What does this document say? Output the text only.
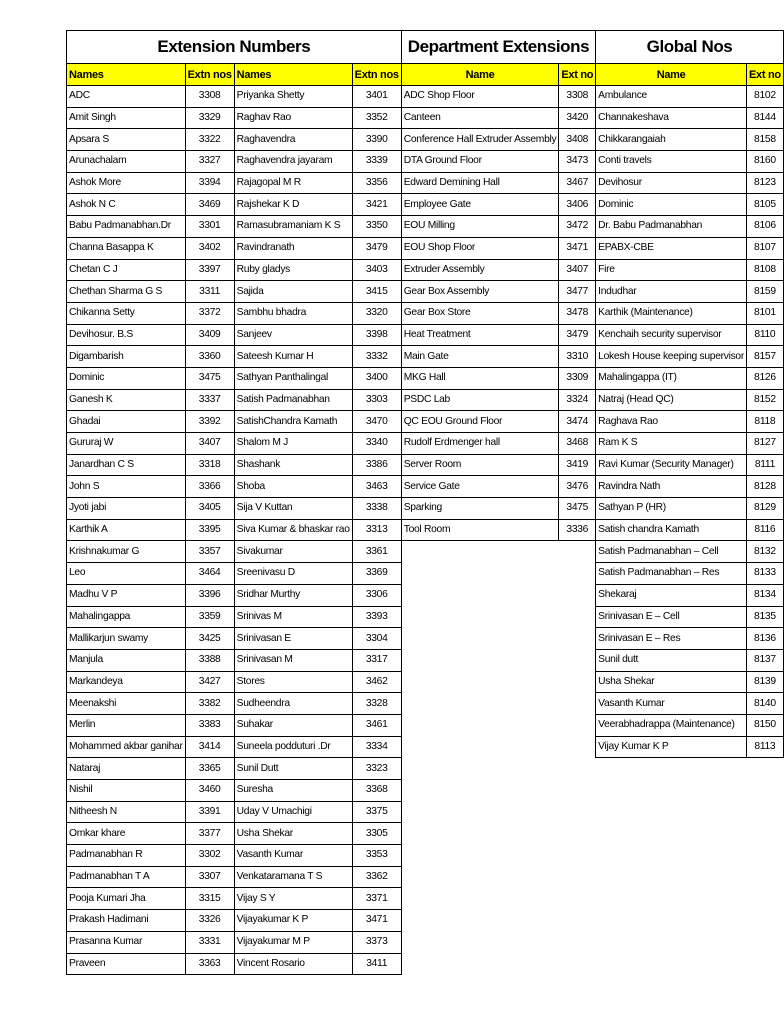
Extension Numbers				Department Extensions		Global Nos	
Names	Extn nos	Names	Extn nos	Name	Ext no	Name	Ext no
ADC	3308	Priyanka Shetty	3401	ADC Shop Floor	3308	Ambulance	8102
Amit Singh	3329	Raghav Rao	3352	Canteen	3420	Channakeshava	8144
Apsara S	3322	Raghavendra	3390	Conference Hall Extruder Assembly	3408	Chikkarangaiah	8158
Arunachalam	3327	Raghavendra jayaram	3339	DTA Ground Floor	3473	Conti travels	8160
Ashok More	3394	Rajagopal M R	3356	Edward Demining Hall	3467	Devihosur	8123
Ashok N C	3469	Rajshekar K D	3421	Employee Gate	3406	Dominic	8105
Babu Padmanabhan.Dr	3301	Ramasubramaniam K S	3350	EOU Milling	3472	Dr. Babu Padmanabhan	8106
Channa Basappa K	3402	Ravindranath	3479	EOU Shop Floor	3471	EPABX-CBE	8107
Chetan C J	3397	Ruby gladys	3403	Extruder Assembly	3407	Fire	8108
Chethan Sharma G S	3311	Sajida	3415	Gear Box Assembly	3477	Indudhar	8159
Chikanna Setty	3372	Sambhu bhadra	3320	Gear Box Store	3478	Karthik (Maintenance)	8101
Devihosur. B.S	3409	Sanjeev	3398	Heat Treatment	3479	Kenchaih security supervisor	8110
Digambarish	3360	Sateesh Kumar H	3332	Main Gate	3310	Lokesh House keeping supervisor	8157
Dominic	3475	Sathyan Panthalingal	3400	MKG Hall	3309	Mahalingappa (IT)	8126
Ganesh K	3337	Satish Padmanabhan	3303	PSDC Lab	3324	Natraj (Head QC)	8152
Ghadai	3392	SatishChandra Kamath	3470	QC EOU Ground Floor	3474	Raghava Rao	8118
Gururaj W	3407	Shalom M J	3340	Rudolf Erdmenger hall	3468	Ram K S	8127
Janardhan C S	3318	Shashank	3386	Server Room	3419	Ravi Kumar (Security Manager)	8111
John S	3366	Shoba	3463	Service Gate	3476	Ravindra Nath	8128
Jyoti jabi	3405	Sija V Kuttan	3338	Sparking	3475	Sathyan P (HR)	8129
Karthik A	3395	Siva Kumar & bhaskar rao	3313	Tool Room	3336	Satish chandra Kamath	8116
Krishnakumar G	3357	Sivakumar	3361			Satish Padmanabhan – Cell	8132
Leo	3464	Sreenivasu D	3369			Satish Padmanabhan – Res	8133
Madhu V P	3396	Sridhar Murthy	3306			Shekaraj	8134
Mahalingappa	3359	Srinivas M	3393			Srinivasan E – Cell	8135
Mallikarjun swamy	3425	Srinivasan E	3304			Srinivasan E – Res	8136
Manjula	3388	Srinivasan M	3317			Sunil dutt	8137
Markandeya	3427	Stores	3462			Usha Shekar	8139
Meenakshi	3382	Sudheendra	3328			Vasanth Kumar	8140
Merlin	3383	Suhakar	3461			Veerabhadrappa (Maintenance)	8150
Mohammed akbar ganihar	3414	Suneela podduturi .Dr	3334			Vijay Kumar K P	8113
Nataraj	3365	Sunil Dutt	3323				
Nishil	3460	Suresha	3368				
Nitheesh N	3391	Uday V Umachigi	3375				
Omkar khare	3377	Usha Shekar	3305				
Padmanabhan R	3302	Vasanth Kumar	3353				
Padmanabhan T A	3307	Venkataramana T S	3362				
Pooja Kumari Jha	3315	Vijay S Y	3371				
Prakash Hadimani	3326	Vijayakumar K P	3471				
Prasanna Kumar	3331	Vijayakumar M P	3373				
Praveen	3363	Vincent Rosario	3411				
